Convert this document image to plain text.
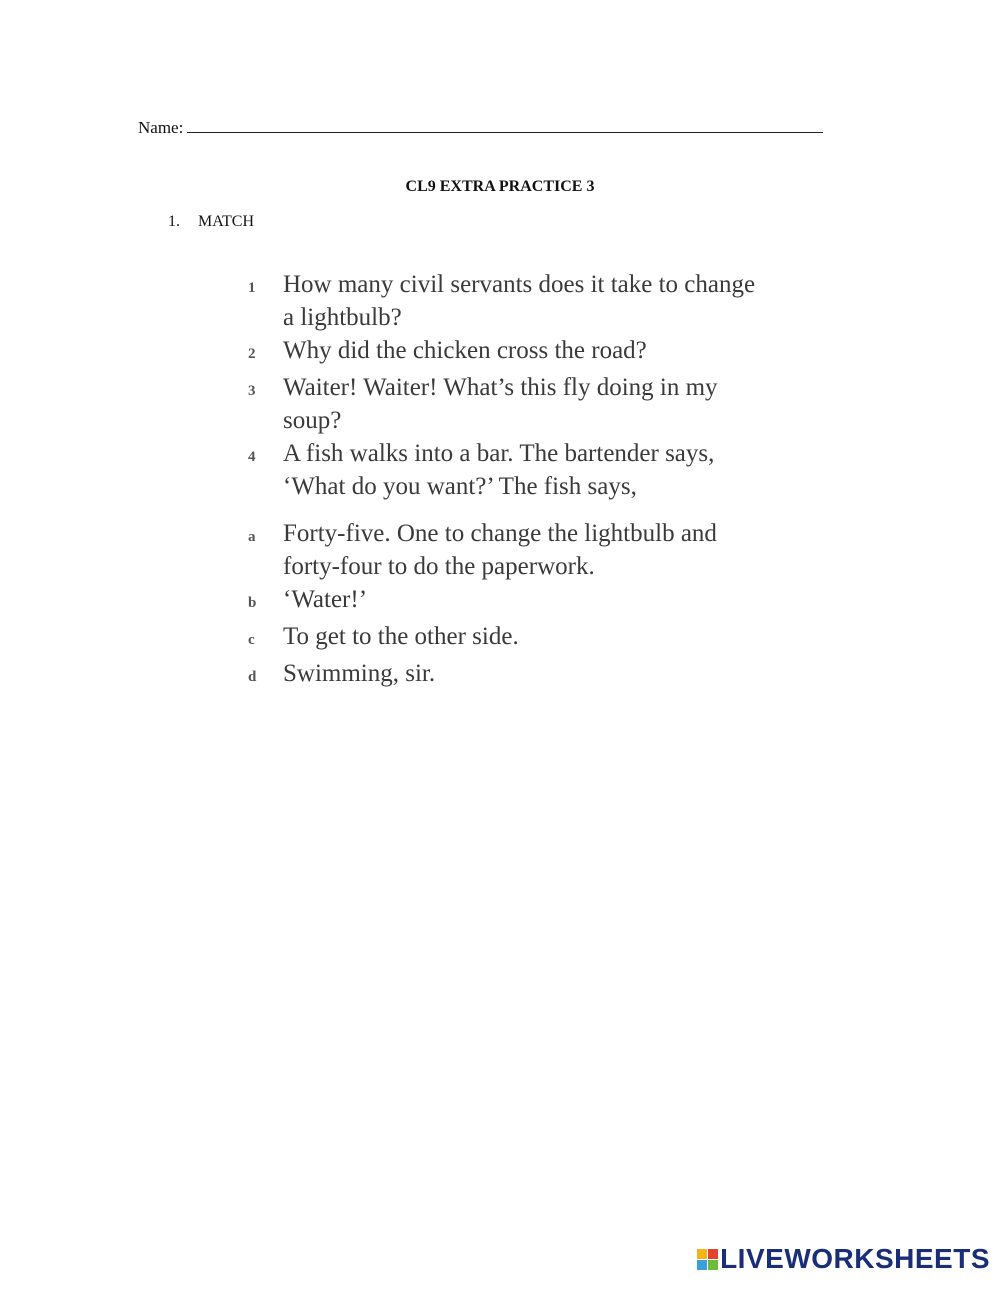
Name:
CL9 EXTRA PRACTICE 3
1. MATCH
1	How many civil servants does it take to change a lightbulb?
2	Why did the chicken cross the road?
3	Waiter! Waiter! What’s this fly doing in my soup?
4	A fish walks into a bar. The bartender says, ‘What do you want?’ The fish says,
a	Forty-five. One to change the lightbulb and forty-four to do the paperwork.
b	‘Water!’
c	To get to the other side.
d	Swimming, sir.
LIVEWORKSHEETS
